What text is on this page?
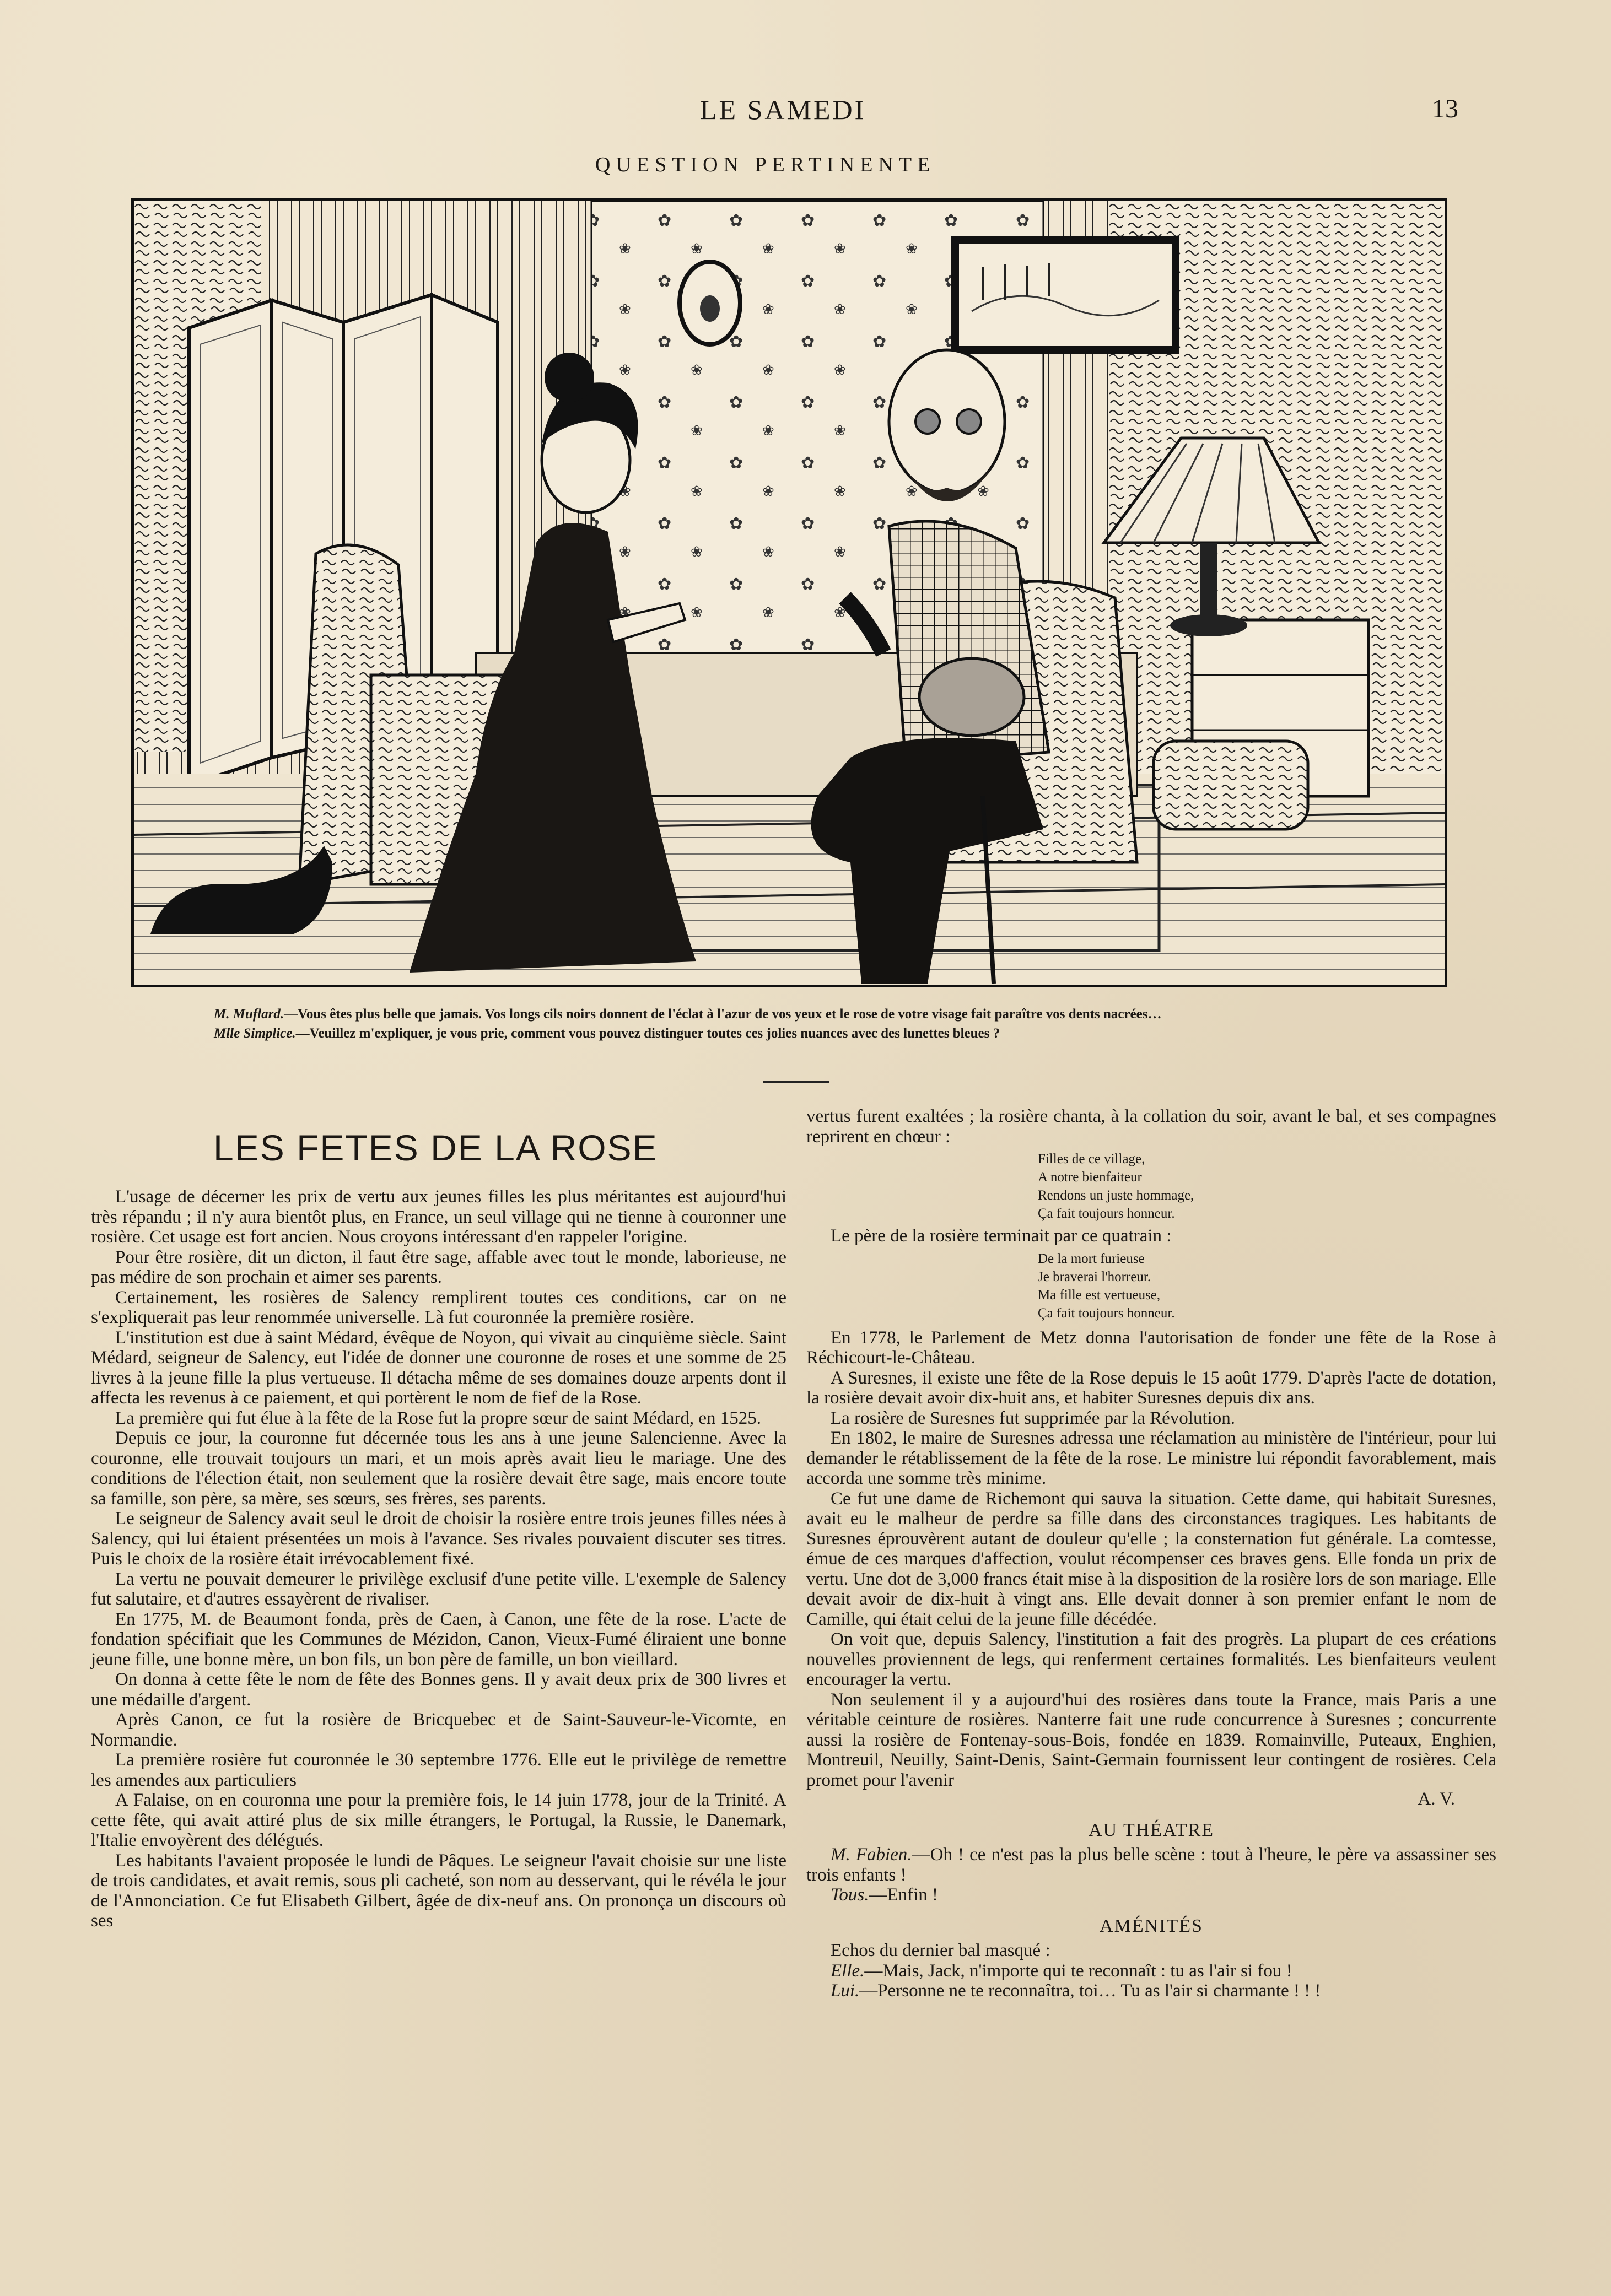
LE SAMEDI	13
QUESTION PERTINENTE

M. Muflard.—Vous êtes plus belle que jamais. Vos longs cils noirs donnent de l'éclat à l'azur de vos yeux et le rose de votre visage fait paraître vos dents nacrées…

Mlle Simplice.—Veuillez m'expliquer, je vous prie, comment vous pouvez distinguer toutes ces jolies nuances avec des lunettes bleues ?

LES FETES DE LA ROSE

L'usage de décerner les prix de vertu aux jeunes filles les plus méritantes est aujourd'hui très répandu ; il n'y aura bientôt plus, en France, un seul village qui ne tienne à couronner une rosière. Cet usage est fort ancien. Nous croyons intéressant d'en rappeler l'origine.

Pour être rosière, dit un dicton, il faut être sage, affable avec tout le monde, laborieuse, ne pas médire de son prochain et aimer ses parents.

Certainement, les rosières de Salency remplirent toutes ces conditions, car on ne s'expliquerait pas leur renommée universelle. Là fut couronnée la première rosière.

L'institution est due à saint Médard, évêque de Noyon, qui vivait au cinquième siècle. Saint Médard, seigneur de Salency, eut l'idée de donner une couronne de roses et une somme de 25 livres à la jeune fille la plus vertueuse. Il détacha même de ses domaines douze arpents dont il affecta les revenus à ce paiement, et qui portèrent le nom de fief de la Rose.

La première qui fut élue à la fête de la Rose fut la propre sœur de saint Médard, en 1525.

Depuis ce jour, la couronne fut décernée tous les ans à une jeune Salencienne. Avec la couronne, elle trouvait toujours un mari, et un mois après avait lieu le mariage. Une des conditions de l'élection était, non seulement que la rosière devait être sage, mais encore toute sa famille, son père, sa mère, ses sœurs, ses frères, ses parents.

Le seigneur de Salency avait seul le droit de choisir la rosière entre trois jeunes filles nées à Salency, qui lui étaient présentées un mois à l'avance. Ses rivales pouvaient discuter ses titres. Puis le choix de la rosière était irrévocablement fixé.

La vertu ne pouvait demeurer le privilège exclusif d'une petite ville. L'exemple de Salency fut salutaire, et d'autres essayèrent de rivaliser.

En 1775, M. de Beaumont fonda, près de Caen, à Canon, une fête de la rose. L'acte de fondation spécifiait que les Communes de Mézidon, Canon, Vieux-Fumé éliraient une bonne jeune fille, une bonne mère, un bon fils, un bon père de famille, un bon vieillard.

On donna à cette fête le nom de fête des Bonnes gens. Il y avait deux prix de 300 livres et une médaille d'argent.

Après Canon, ce fut la rosière de Bricquebec et de Saint-Sauveur-le-Vicomte, en Normandie.

La première rosière fut couronnée le 30 septembre 1776. Elle eut le privilège de remettre les amendes aux particuliers

A Falaise, on en couronna une pour la première fois, le 14 juin 1778, jour de la Trinité. A cette fête, qui avait attiré plus de six mille étrangers, le Portugal, la Russie, le Danemark, l'Italie envoyèrent des délégués.

Les habitants l'avaient proposée le lundi de Pâques. Le seigneur l'avait choisie sur une liste de trois candidates, et avait remis, sous pli cacheté, son nom au desservant, qui le révéla le jour de l'Annonciation. Ce fut Elisabeth Gilbert, âgée de dix-neuf ans. On prononça un discours où ses

vertus furent exaltées ; la rosière chanta, à la collation du soir, avant le bal, et ses compagnes reprirent en chœur :

Filles de ce village,
A notre bienfaiteur
Rendons un juste hommage,
Ça fait toujours honneur.

Le père de la rosière terminait par ce quatrain :

De la mort furieuse
Je braverai l'horreur.
Ma fille est vertueuse,
Ça fait toujours honneur.

En 1778, le Parlement de Metz donna l'autorisation de fonder une fête de la Rose à Réchicourt-le-Château.

A Suresnes, il existe une fête de la Rose depuis le 15 août 1779. D'après l'acte de dotation, la rosière devait avoir dix-huit ans, et habiter Suresnes depuis dix ans.

La rosière de Suresnes fut supprimée par la Révolution.

En 1802, le maire de Suresnes adressa une réclamation au ministère de l'intérieur, pour lui demander le rétablissement de la fête de la rose. Le ministre lui répondit favorablement, mais accorda une somme très minime.

Ce fut une dame de Richemont qui sauva la situation. Cette dame, qui habitait Suresnes, avait eu le malheur de perdre sa fille dans des circonstances tragiques. Les habitants de Suresnes éprouvèrent autant de douleur qu'elle ; la consternation fut générale. La comtesse, émue de ces marques d'affection, voulut récompenser ces braves gens. Elle fonda un prix de vertu. Une dot de 3,000 francs était mise à la disposition de la rosière lors de son mariage. Elle devait avoir de dix-huit à vingt ans. Elle devait donner à son premier enfant le nom de Camille, qui était celui de la jeune fille décédée.

On voit que, depuis Salency, l'institution a fait des progrès. La plupart de ces créations nouvelles proviennent de legs, qui renferment certaines formalités. Les bienfaiteurs veulent encourager la vertu.

Non seulement il y a aujourd'hui des rosières dans toute la France, mais Paris a une véritable ceinture de rosières. Nanterre fait une rude concurrence à Suresnes ; concurrente aussi la rosière de Fontenay-sous-Bois, fondée en 1839. Romainville, Puteaux, Enghien, Montreuil, Neuilly, Saint-Denis, Saint-Germain fournissent leur contingent de rosières. Cela promet pour l'avenir

A. V.
AU THÉATRE

M. Fabien.—Oh ! ce n'est pas la plus belle scène : tout à l'heure, le père va assassiner ses trois enfants !

Tous.—Enfin !

AMÉNITÉS

Echos du dernier bal masqué :

Elle.—Mais, Jack, n'importe qui te reconnaît : tu as l'air si fou !

Lui.—Personne ne te reconnaîtra, toi… Tu as l'air si charmante ! ! !
